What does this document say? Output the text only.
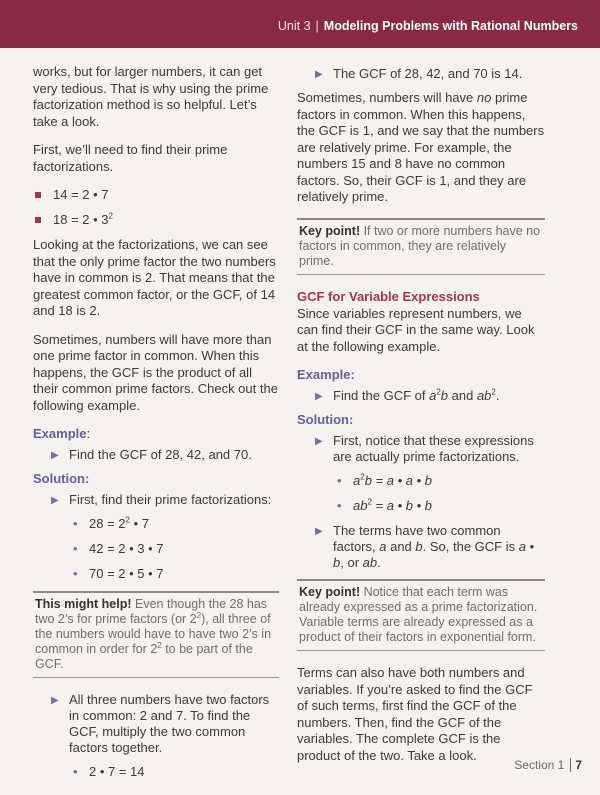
Unit 3 | Modeling Problems with Rational Numbers

works, but for larger numbers, it can get very tedious. That is why using the prime factorization method is so helpful. Let’s take a look.

First, we’ll need to find their prime factorizations.

14 = 2 • 7
18 = 2 • $3^2$

Looking at the factorizations, we can see that the only prime factor the two numbers have in common is 2. That means that the greatest common factor, or the GCF, of 14 and 18 is 2.

Sometimes, numbers will have more than one prime factor in common. When this happens, the GCF is the product of all their common prime factors. Check out the following example.

Example:
▶ Find the GCF of 28, 42, and 70.
Solution:
▶ First, find their prime factorizations:
• $28 = 2^2$ • 7
• 42 = 2 • 3 • 7
• 70 = 2 • 5 • 7
This might help! Even though the 28 has two 2’s for prime factors (or $2^2$), all three of the numbers would have to have two 2’s in common in order for $2^2$ to be part of the GCF.
▶ All three numbers have two factors in common: 2 and 7. To find the GCF, multiply the two common factors together.
• 2 • 7 = 14
▶ The GCF of 28, 42, and 70 is 14.

Sometimes, numbers will have no prime factors in common. When this happens, the GCF is 1, and we say that the numbers are relatively prime. For example, the numbers 15 and 8 have no common factors. So, their GCF is 1, and they are relatively prime.

Key point! If two or more numbers have no factors in common, they are relatively prime.
GCF for Variable Expressions

Since variables represent numbers, we can find their GCF in the same way. Look at the following example.

Example:
▶ Find the GCF of $a^2b$ and $ab^2$.
Solution:
▶ First, notice that these expressions are actually prime factorizations.
• $a^2b = a$ • a • b
• $ab^2 = a$ • b • b
▶ The terms have two common factors, a and b. So, the GCF is a • b, or ab.
Key point! Notice that each term was already expressed as a prime factorization. Variable terms are already expressed as a product of their factors in exponential form.

Terms can also have both numbers and variables. If you’re asked to find the GCF of such terms, first find the GCF of the numbers. Then, find the GCF of the variables. The complete GCF is the product of the two. Take a look.

Section 1 7
